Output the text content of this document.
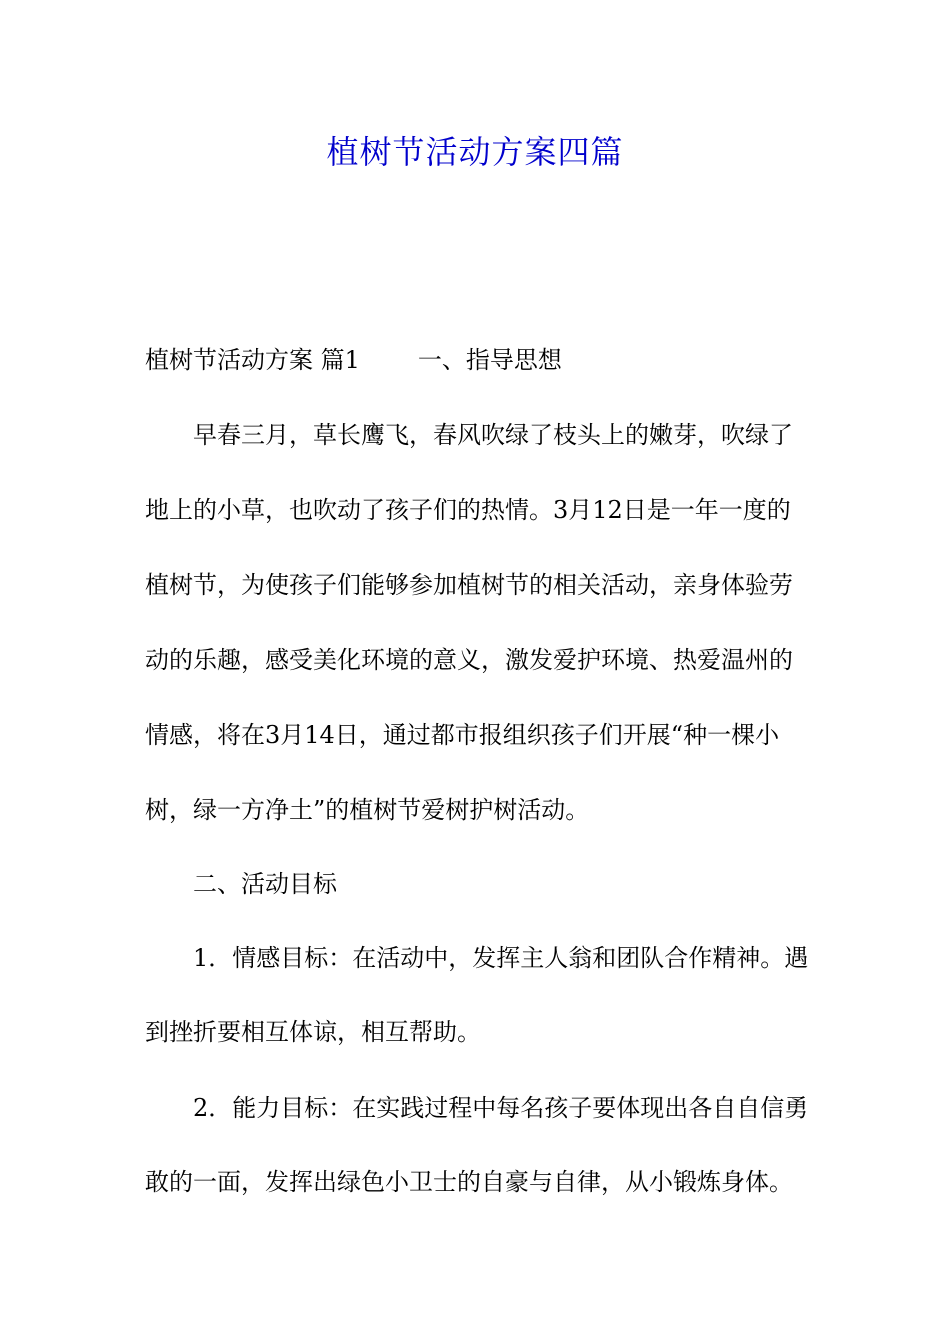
植树节活动方案四篇
植树节活动方案 篇1 一、指导思想
早春三月，草长鹰飞，春风吹绿了枝头上的嫩芽，吹绿了
地上的小草，也吹动了孩子们的热情。3月12日是一年一度的
植树节，为使孩子们能够参加植树节的相关活动，亲身体验劳
动的乐趣，感受美化环境的意义，激发爱护环境、热爱温州的
情感，将在3月14日，通过都市报组织孩子们开展“种一棵小
树，绿一方净土”的植树节爱树护树活动。
二、活动目标
1．情感目标：在活动中，发挥主人翁和团队合作精神。遇
到挫折要相互体谅，相互帮助。
2．能力目标：在实践过程中每名孩子要体现出各自自信勇
敢的一面，发挥出绿色小卫士的自豪与自律，从小锻炼身体。
